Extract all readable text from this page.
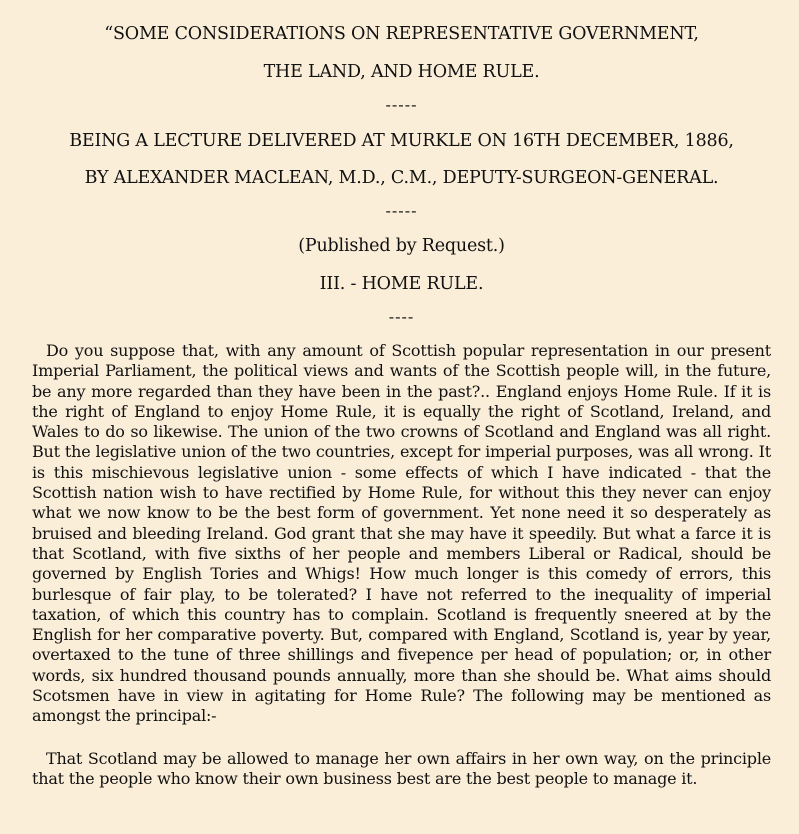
“SOME CONSIDERATIONS ON REPRESENTATIVE GOVERNMENT,
THE LAND, AND HOME RULE.
-----
BEING A LECTURE DELIVERED AT MURKLE ON 16TH DECEMBER, 1886,
BY ALEXANDER MACLEAN, M.D., C.M., DEPUTY-SURGEON-GENERAL.
-----
(Published by Request.)
III. - HOME RULE.
----

Do you suppose that, with any amount of Scottish popular representation in our present Imperial Parliament, the political views and wants of the Scottish people will, in the future, be any more regarded than they have been in the past?.. England enjoys Home Rule. If it is the right of England to enjoy Home Rule, it is equally the right of Scotland, Ireland, and Wales to do so likewise. The union of the two crowns of Scotland and England was all right. But the legislative union of the two countries, except for imperial purposes, was all wrong. It is this mischievous legislative union - some effects of which I have indicated - that the Scottish nation wish to have rectified by Home Rule, for without this they never can enjoy what we now know to be the best form of government. Yet none need it so desperately as bruised and bleeding Ireland. God grant that she may have it speedily. But what a farce it is that Scotland, with five sixths of her people and members Liberal or Radical, should be governed by English Tories and Whigs! How much longer is this comedy of errors, this burlesque of fair play, to be tolerated? I have not referred to the inequality of imperial taxation, of which this country has to complain. Scotland is frequently sneered at by the English for her comparative poverty. But, compared with England, Scotland is, year by year, overtaxed to the tune of three shillings and fivepence per head of population; or, in other words, six hundred thousand pounds annually, more than she should be. What aims should Scotsmen have in view in agitating for Home Rule? The following may be mentioned as amongst the principal:-

That Scotland may be allowed to manage her own affairs in her own way, on the principle that the people who know their own business best are the best people to manage it.
